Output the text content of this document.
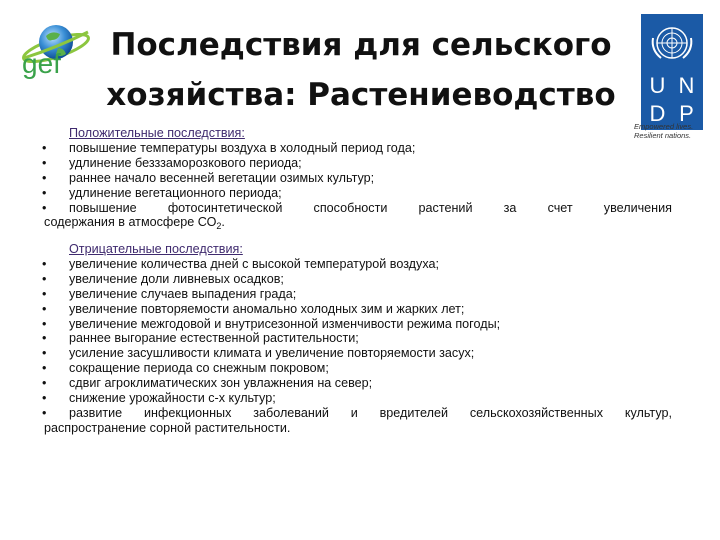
gef
Последствия для сельского
хозяйства: Растениеводство	U N
D P
Empowered lives.
Resilient nations.
Положительные последствия:
• повышение температуры воздуха в холодный период года;
• удлинение безззаморозкового периода;
• раннее начало весенней вегетации озимых культур;
• удлинение вегетационного периода;
• повышение фотосинтетической способности растений за счет увеличения
содержания в атмосфере $СО_2$.
Отрицательные последствия:
• увеличение количества дней с высокой температурой воздуха;
• увеличение доли ливневых осадков;
• увеличение случаев выпадения града;
• увеличение повторяемости аномально холодных зим и жарких лет;
• увеличение межгодовой и внутрисезонной изменчивости режима погоды;
• раннее выгорание естественной растительности;
• усиление засушливости климата и увеличение повторяемости засух;
• сокращение периода со снежным покровом;
• сдвиг агроклиматических зон увлажнения на север;
• снижение урожайности с-х культур;
• развитие инфекционных заболеваний и вредителей сельскохозяйственных культур,
распространение сорной растительности.
